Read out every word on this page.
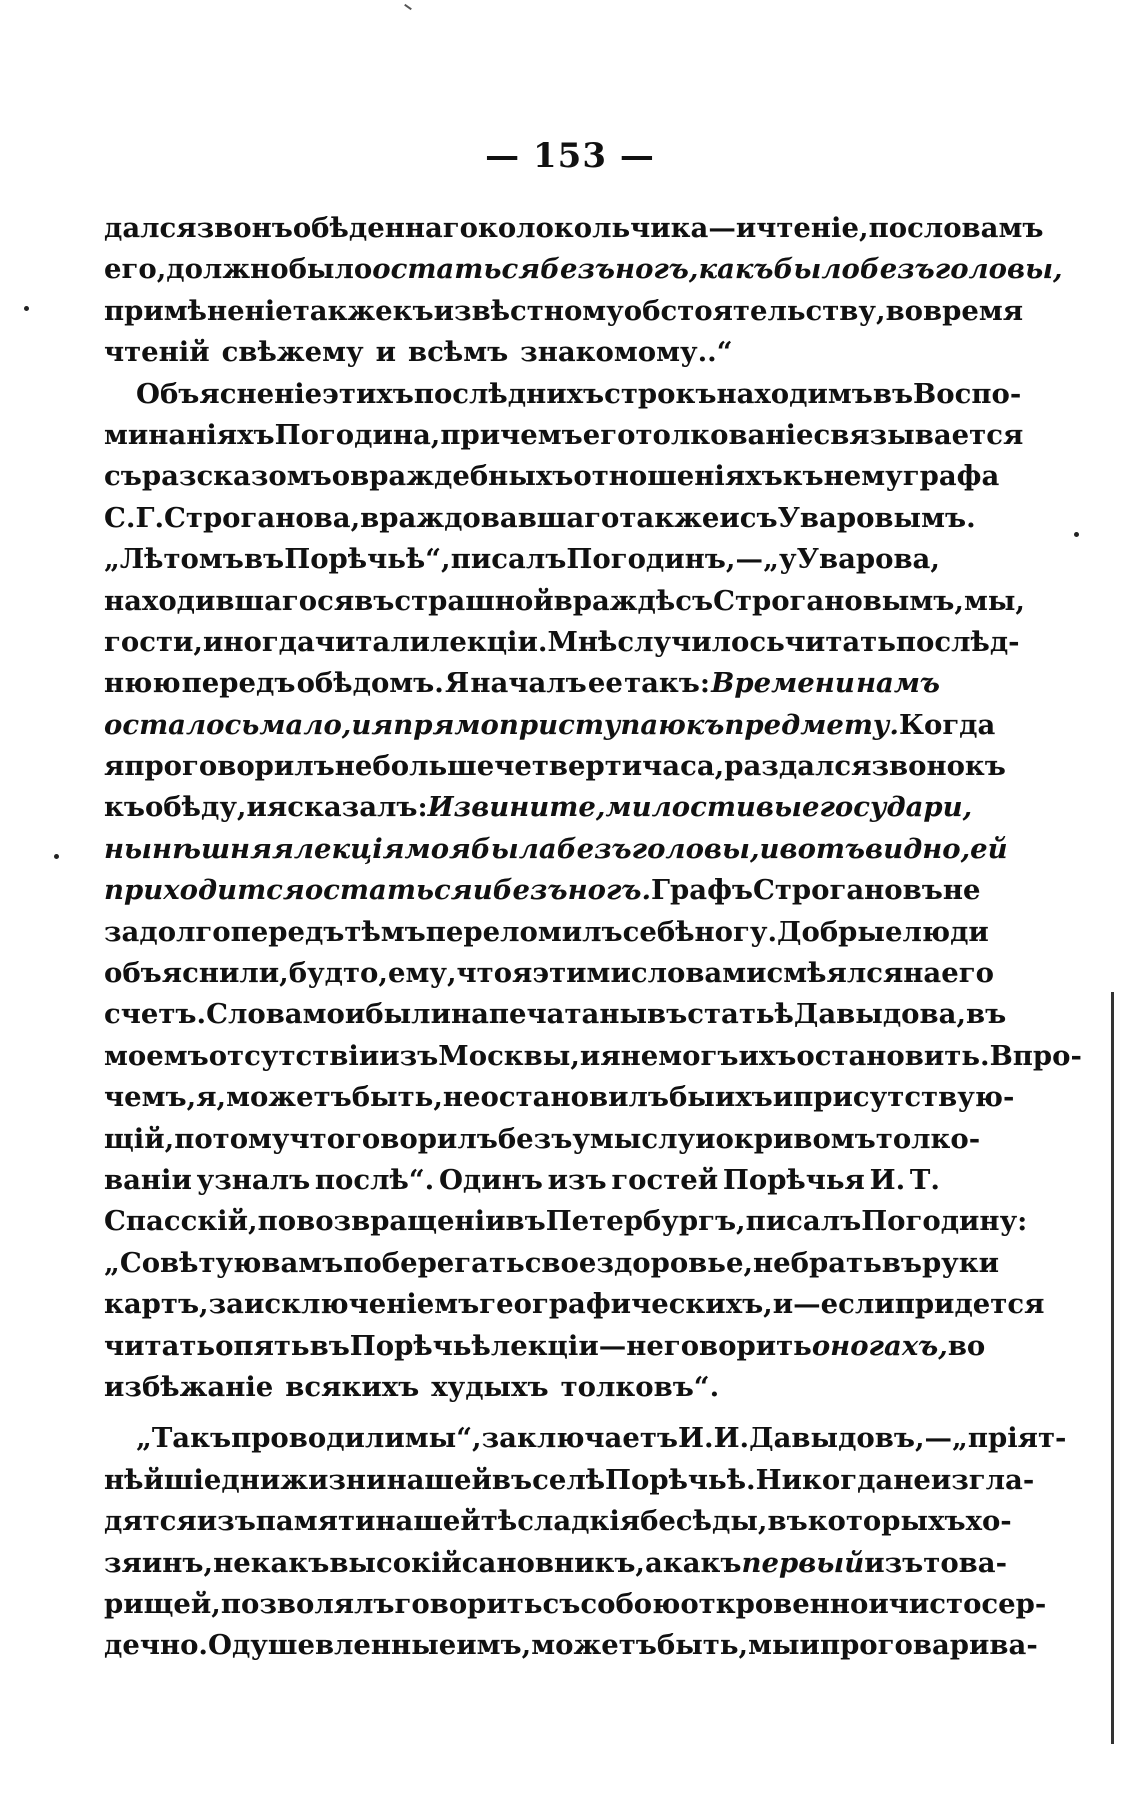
— 153 —
дался звонъ обѣденнаго колокольчика—и чтеніе, по словамъ
его, должно было остаться безъ ногъ, какъ было безъ головы,
примѣненіе также къ извѣстному обстоятельству, во время
чтеній свѣжему и всѣмъ знакомому..“
Объясненіе этихъ послѣднихъ строкъ находимъ въ Воспо-
минаніяхъ Погодина, причемъ его толкованіе связывается
съ разсказомъ о враждебныхъ отношеніяхъ къ нему графа
С. Г. Строганова, враждовавшаго также и съ Уваровымъ.
„Лѣтомъ въ Порѣчьѣ“, писалъ Погодинъ, — „у Уварова,
находившагося въ страшной враждѣ съ Строгановымъ, мы,
гости, иногда читали лекціи. Мнѣ случилось читать послѣд-
нюю передъ обѣдомъ. Я началъ ее такъ: Времени намъ
осталось мало, и я прямо приступаю къ предмету. Когда
я проговорилъ не больше четверти часа, раздался звонокъ
къ обѣду, и я сказалъ: Извините, милостивые государи,
нынѣшняя лекція моя была безъ головы, и вотъ видно, ей
приходится остаться и безъ ногъ. Графъ Строгановъ не
задолго передъ тѣмъ переломилъ себѣ ногу. Добрые люди
объяснили, будто, ему, что я этими словами смѣялся на его
счетъ. Слова мои были напечатаны въ статьѣ Давыдова, въ
моемъ отсутствіи изъ Москвы, и я не могъ ихъ остановить. Впро-
чемъ, я, можетъ быть, не остановилъ бы ихъ и присутствую-
щій, потому что говорилъ безъ умыслу и о кривомъ толко-
ваніи узналъ послѣ“. Одинъ изъ гостей Порѣчья И. Т.
Спасскій, по возвращеніи въ Петербургъ, писалъ Погодину:
„Совѣтую вамъ поберегать свое здоровье, не брать въ руки
картъ, за исключеніемъ географическихъ, и—если придется
читать опять въ Порѣчьѣ лекціи—не говорить о ногахъ, во
избѣжаніе всякихъ худыхъ толковъ“.
„Такъ проводили мы“, заключаетъ И. И. Давыдовъ,— „пріят-
нѣйшіе дни жизни нашей въ селѣ Порѣчьѣ. Никогда не изгла-
дятся изъ памяти нашей тѣ сладкія бесѣды, въ которыхъ хо-
зяинъ, не какъ высокій сановникъ, а какъ первый изъ това-
рищей, позволялъ говорить съ собою откровенно и чистосер-
дечно. Одушевленные имъ, можетъ быть, мы и проговарива-
